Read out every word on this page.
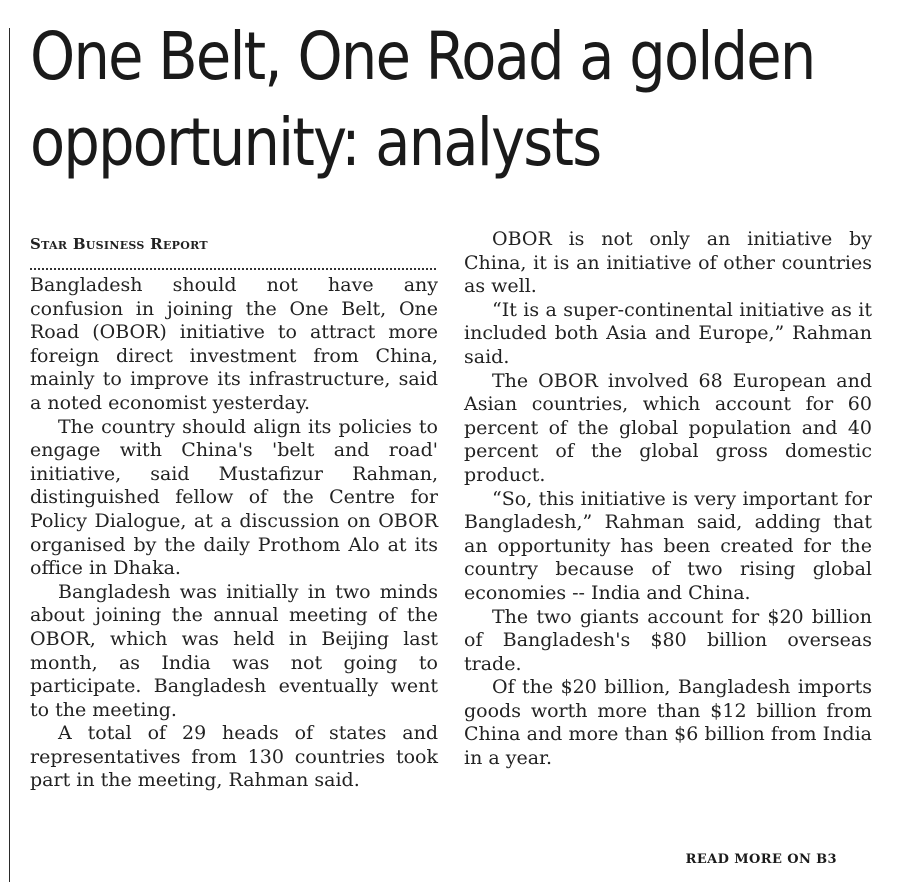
One Belt, One Road a golden
opportunity: analysts
Star Business Report

Bangladesh should not have any confusion in joining the One Belt, One Road (OBOR) initiative to attract more foreign direct investment from China, mainly to improve its infrastructure, said a noted economist yesterday.

The country should align its policies to engage with China's 'belt and road' initiative, said Mustafizur Rahman, distinguished fellow of the Centre for Policy Dialogue, at a discussion on OBOR organised by the daily Prothom Alo at its office in Dhaka.

Bangladesh was initially in two minds about joining the annual meeting of the OBOR, which was held in Beijing last month, as India was not going to participate. Bangladesh eventually went to the meeting.

A total of 29 heads of states and representatives from 130 countries took part in the meeting, Rahman said.

OBOR is not only an initiative by China, it is an initiative of other countries as well.

“It is a super-continental initiative as it included both Asia and Europe,” Rahman said.

The OBOR involved 68 European and Asian countries, which account for 60 percent of the global population and 40 percent of the global gross domestic product.

“So, this initiative is very important for Bangladesh,” Rahman said, adding that an opportunity has been created for the country because of two rising global economies -- India and China.

The two giants account for $20 billion of Bangladesh's $80 billion overseas trade.

Of the $20 billion, Bangladesh imports goods worth more than $12 billion from China and more than $6 billion from India in a year.

READ MORE ON B3
